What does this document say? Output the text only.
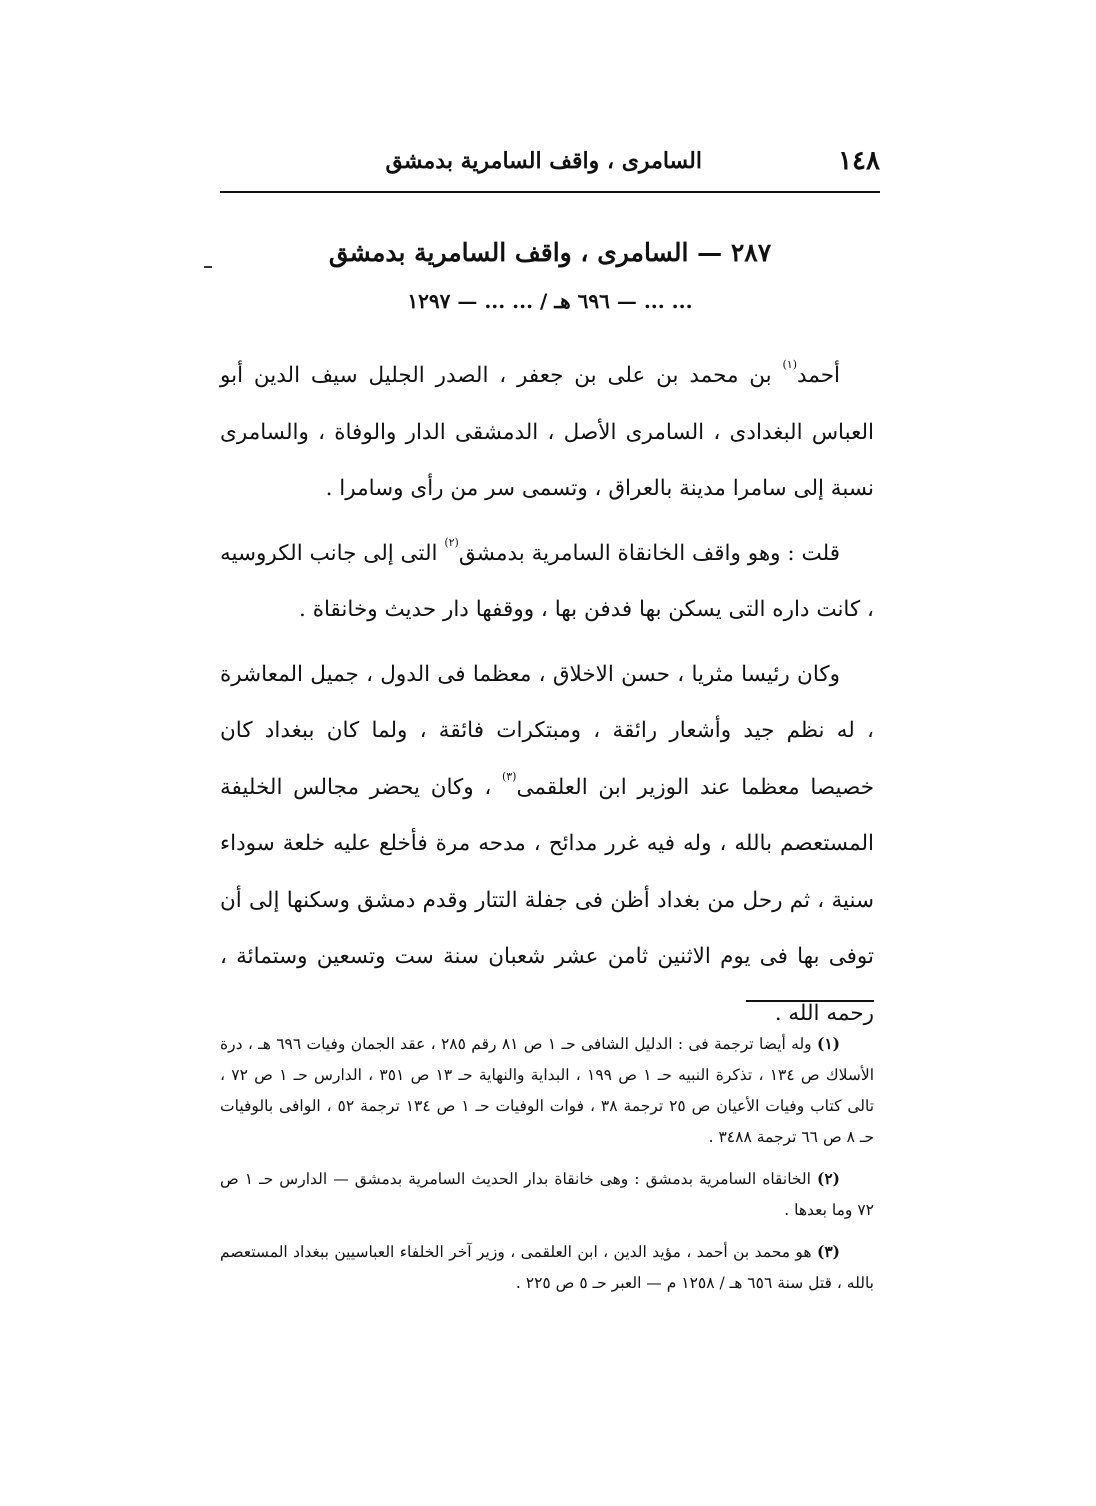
١٤٨
السامرى ، واقف السامرية بدمشق
٢٨٧ — السامرى ، واقف السامرية بدمشق
... ... — ٦٩٦ هـ / ... ... — ١٢٩٧

أحمد$^{(١)}$ بن محمد بن على بن جعفر ، الصدر الجليل سيف الدين أبو العباس البغدادى ، السامرى الأصل ، الدمشقى الدار والوفاة ، والسامرى نسبة إلى سامرا مدينة بالعراق ، وتسمى سر من رأى وسامرا .

قلت : وهو واقف الخانقاة السامرية بدمشق$^{(٢)}$ التى إلى جانب الكروسيه ، كانت داره التى يسكن بها فدفن بها ، ووقفها دار حديث وخانقاة .

وكان رئيسا مثريا ، حسن الاخلاق ، معظما فى الدول ، جميل المعاشرة ، له نظم جيد وأشعار رائقة ، ومبتكرات فائقة ، ولما كان ببغداد كان خصيصا معظما عند الوزير ابن العلقمى$^{(٣)}$ ، وكان يحضر مجالس الخليفة المستعصم بالله ، وله فيه غرر مدائح ، مدحه مرة فأخلع عليه خلعة سوداء سنية ، ثم رحل من بغداد أظن فى جفلة التتار وقدم دمشق وسكنها إلى أن توفى بها فى يوم الاثنين ثامن عشر شعبان سنة ست وتسعين وستمائة ، رحمه الله .

(١) وله أيضا ترجمة فى : الدليل الشافى حـ ١ ص ٨١ رقم ٢٨٥ ، عقد الجمان وفيات ٦٩٦ هـ ، درة الأسلاك ص ١٣٤ ، تذكرة النبيه حـ ١ ص ١٩٩ ، البداية والنهاية حـ ١٣ ص ٣٥١ ، الدارس حـ ١ ص ٧٢ ، تالى كتاب وفيات الأعيان ص ٢٥ ترجمة ٣٨ ، فوات الوفيات حـ ١ ص ١٣٤ ترجمة ٥٢ ، الوافى بالوفيات حـ ٨ ص ٦٦ ترجمة ٣٤٨٨ .

(٢) الخانقاه السامرية بدمشق : وهى خانقاة بدار الحديث السامرية بدمشق — الدارس حـ ١ ص ٧٢ وما بعدها .

(٣) هو محمد بن أحمد ، مؤيد الدين ، ابن العلقمى ، وزير آخر الخلفاء العباسيين ببغداد المستعصم بالله ، قتل سنة ٦٥٦ هـ / ١٢٥٨ م — العبر حـ ٥ ص ٢٢٥ .
